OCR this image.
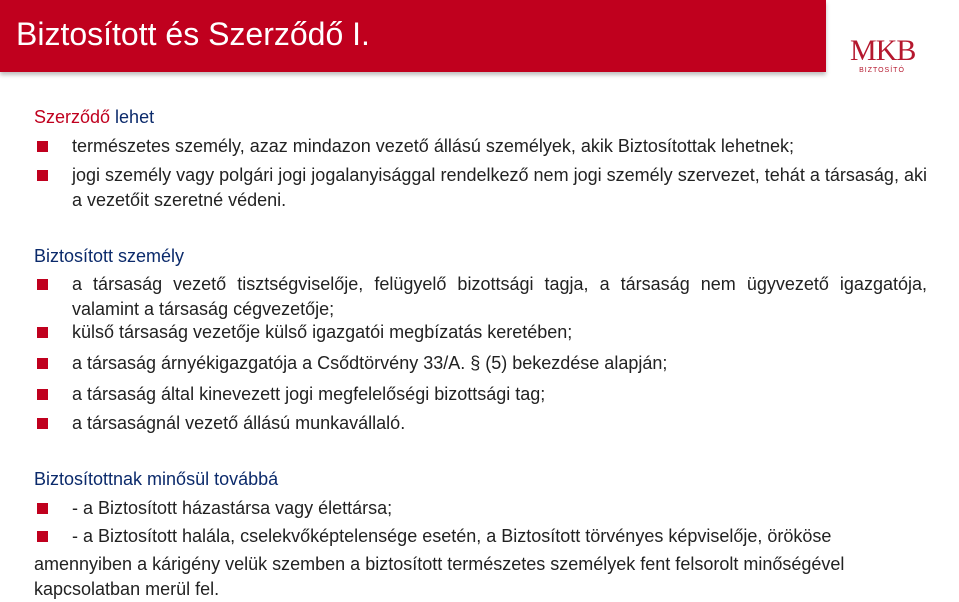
Biztosított és Szerződő I.	MKB
BIZTOSÍTÓ
Szerződő lehet
természetes személy, azaz mindazon vezető állású személyek, akik Biztosítottak lehetnek;
jogi személy vagy polgári jogi jogalanyisággal rendelkező nem jogi személy szervezet, tehát a társaság, aki a vezetőit szeretné védeni.
Biztosított személy
a társaság vezető tisztségviselője, felügyelő bizottsági tagja, a társaság nem ügyvezető igazgatója, valamint a társaság cégvezetője;
külső társaság vezetője külső igazgatói megbízatás keretében;
a társaság árnyékigazgatója a Csődtörvény 33/A. § (5) bekezdése alapján;
a társaság által kinevezett jogi megfelelőségi bizottsági tag;
a társaságnál vezető állású munkavállaló.
Biztosítottnak minősül továbbá
- a Biztosított házastársa vagy élettársa;
- a Biztosított halála, cselekvőképtelensége esetén, a Biztosított törvényes képviselője, örököse
amennyiben a kárigény velük szemben a biztosított természetes személyek fent felsorolt minőségével kapcsolatban merül fel.
